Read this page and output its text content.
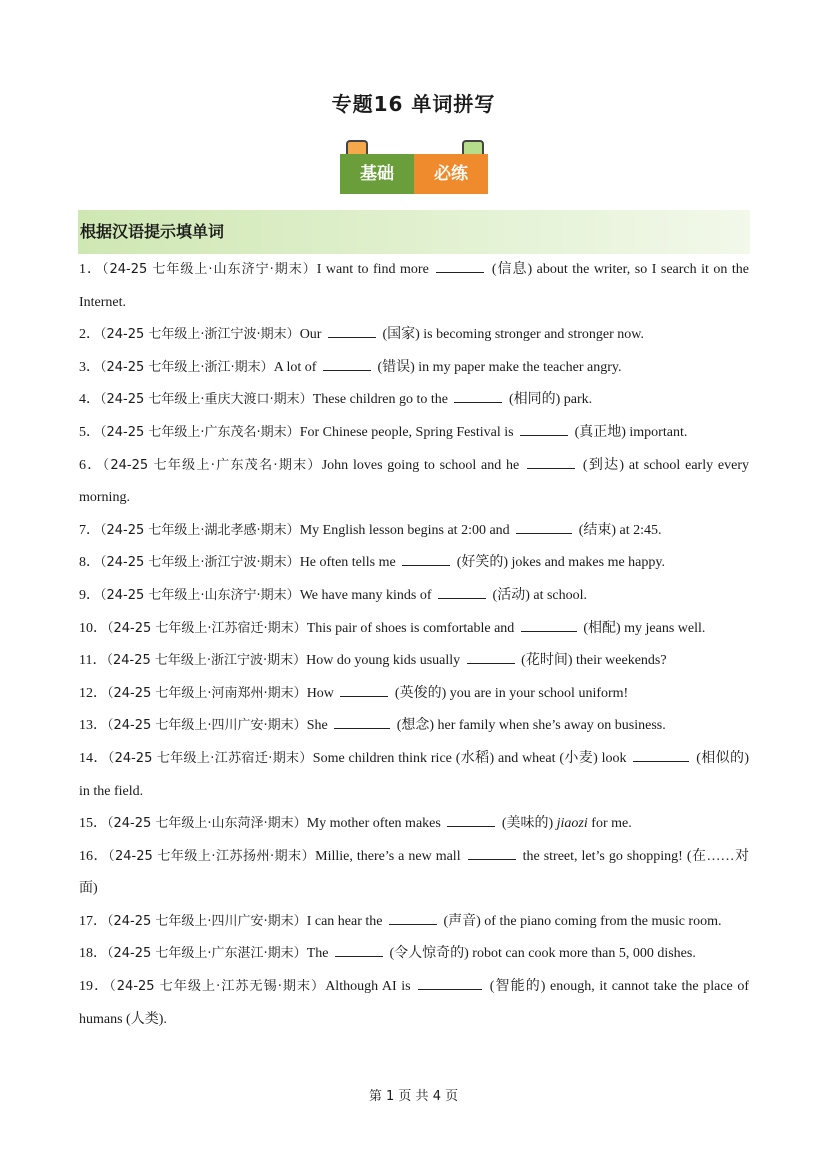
专题16 单词拼写
基础	必练
根据汉语提示填单词
1．（24-25 七年级上·山东济宁·期末）I want to find more	(信息) about the writer, so I search it on the Internet.
2．（24-25 七年级上·浙江宁波·期末）Our	(国家) is becoming stronger and stronger now.
3．（24-25 七年级上·浙江·期末）A lot of	(错误) in my paper make the teacher angry.
4．（24-25 七年级上·重庆大渡口·期末）These children go to the	(相同的) park.
5．（24-25 七年级上·广东茂名·期末）For Chinese people, Spring Festival is	(真正地) important.
6．（24-25 七年级上·广东茂名·期末）John loves going to school and he	(到达) at school early every morning.
7．（24-25 七年级上·湖北孝感·期末）My English lesson begins at 2:00 and	(结束) at 2:45.
8．（24-25 七年级上·浙江宁波·期末）He often tells me	(好笑的) jokes and makes me happy.
9．（24-25 七年级上·山东济宁·期末）We have many kinds of	(活动) at school.
10．（24-25 七年级上·江苏宿迁·期末）This pair of shoes is comfortable and	(相配) my jeans well.
11．（24-25 七年级上·浙江宁波·期末）How do young kids usually	(花时间) their weekends?
12．（24-25 七年级上·河南郑州·期末）How	(英俊的) you are in your school uniform!
13．（24-25 七年级上·四川广安·期末）She	(想念) her family when she’s away on business.
14．（24-25 七年级上·江苏宿迁·期末）Some children think rice (水稻) and wheat (小麦) look	(相似的) in the field.
15．（24-25 七年级上·山东菏泽·期末）My mother often makes	(美味的) jiaozi for me.
16．（24-25 七年级上·江苏扬州·期末）Millie, there’s a new mall	the street, let’s go shopping! (在……对面)
17．（24-25 七年级上·四川广安·期末）I can hear the	(声音) of the piano coming from the music room.
18．（24-25 七年级上·广东湛江·期末）The	(令人惊奇的) robot can cook more than 5, 000 dishes.
19．（24-25 七年级上·江苏无锡·期末）Although AI is	(智能的) enough, it cannot take the place of humans (人类).
第 1 页 共 4 页
